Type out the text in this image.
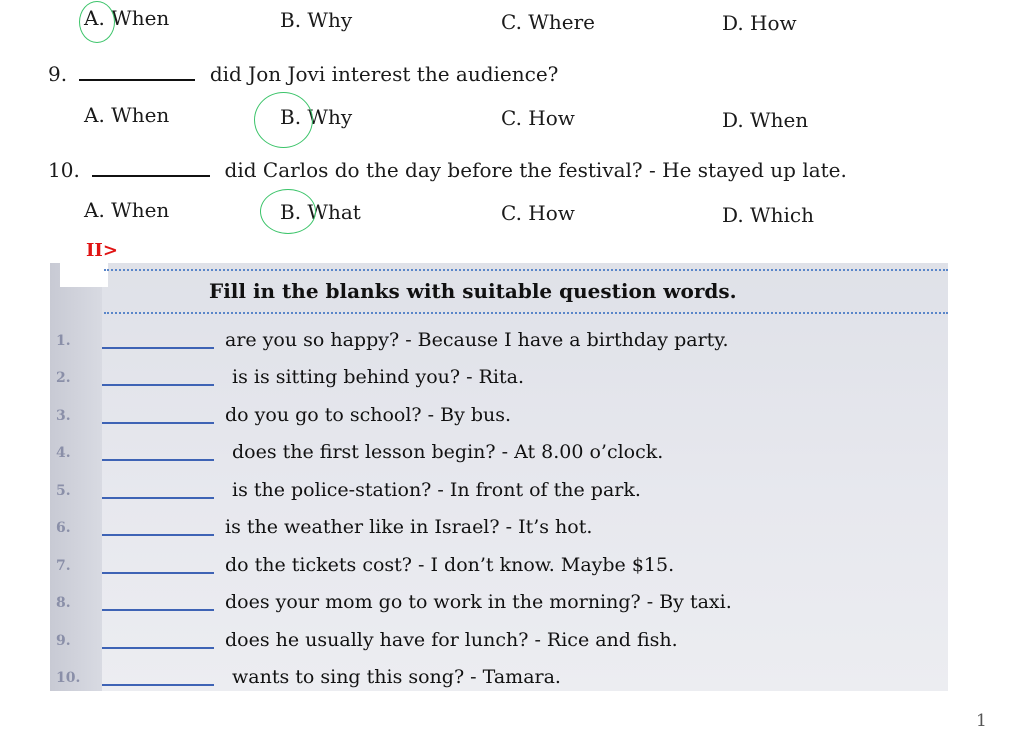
A. When	B. Why	C. Where	D. How
9.	did Jon Jovi interest the audience?
A. When	B. Why	C. How	D. When
10.	did Carlos do the day before the festival? - He stayed up late.
A. When	B. What	C. How	D. Which
II>
Fill in the blanks with suitable question words.
1.	are you so happy? - Because I have a birthday party.
2.	is is sitting behind you? - Rita.
3.	do you go to school? - By bus.
4.	does the first lesson begin? - At 8.00 o’clock.
5.	is the police-station? - In front of the park.
6.	is the weather like in Israel? - It’s hot.
7.	do the tickets cost? - I don’t know. Maybe $15.
8.	does your mom go to work in the morning? - By taxi.
9.	does he usually have for lunch? - Rice and fish.
10.	wants to sing this song? - Tamara.
1
